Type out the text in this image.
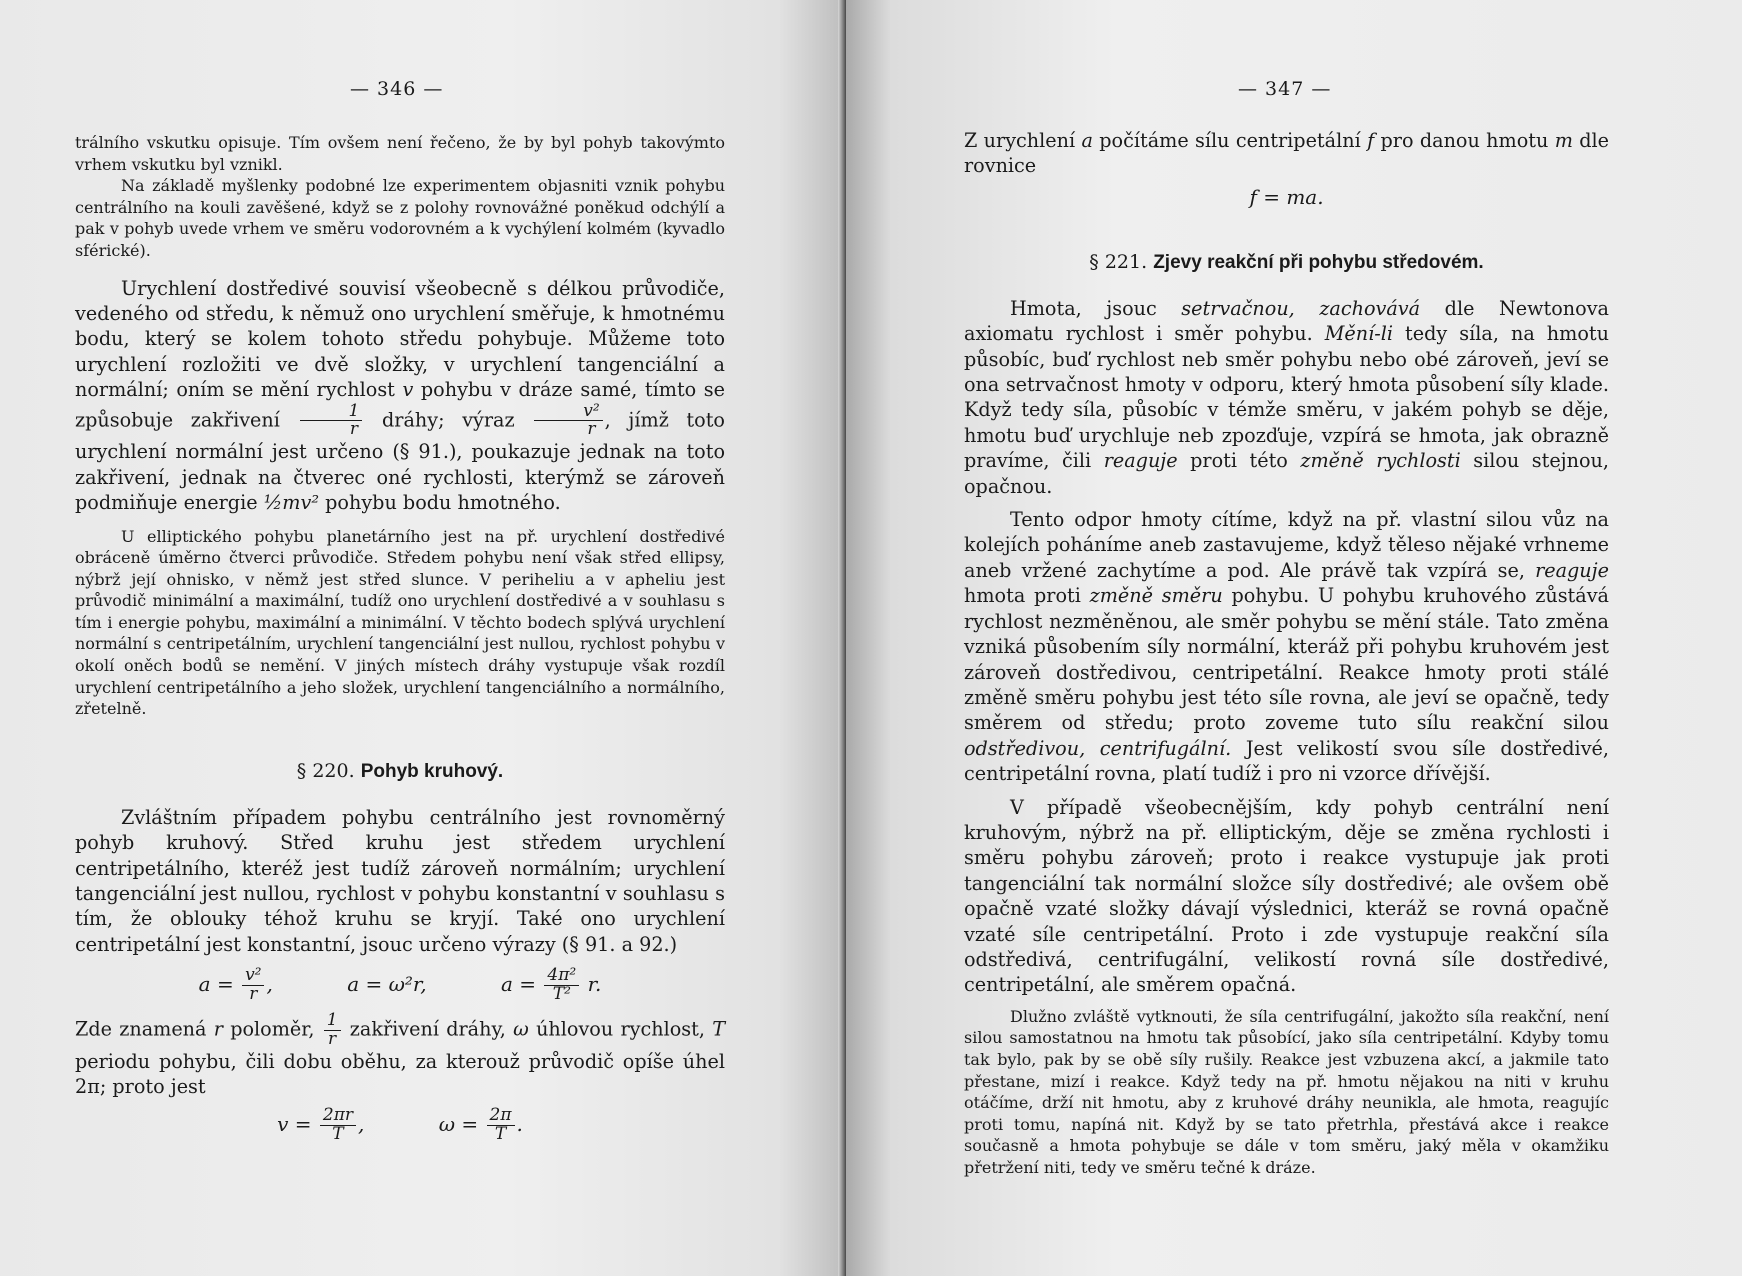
— 346 —

trálního vskutku opisuje. Tím ovšem není řečeno, že by byl pohyb takovýmto vrhem vskutku byl vznikl.

Na základě myšlenky podobné lze experimentem objasniti vznik pohybu centrálního na kouli zavěšené, když se z polohy rovnovážné poněkud odchýlí a pak v pohyb uvede vrhem ve směru vodorovném a k vychýlení kolmém (kyvadlo sférické).

Urychlení dostředivé souvisí všeobecně s délkou průvodiče, vedeného od středu, k němuž ono urychlení směřuje, k hmotnému bodu, který se kolem tohoto středu pohybuje. Můžeme toto urychlení rozložiti ve dvě složky, v urychlení tangenciální a normální; oním se mění rychlost v pohybu v dráze samé, tímto se způsobuje zakřivení $\frac{1}{r}$ dráhy; výraz $\frac{\text{v²}}{r}$ , jímž toto urychlení normální jest určeno (§ 91.), poukazuje jednak na toto zakřivení, jednak na čtverec oné rychlosti, kterýmž se zároveň podmiňuje energie ½mv² pohybu bodu hmotného.

U elliptického pohybu planetárního jest na př. urychlení dostředivé obráceně úměrno čtverci průvodiče. Středem pohybu není však střed ellipsy, nýbrž její ohnisko, v němž jest střed slunce. V periheliu a v apheliu jest průvodič minimální a maximální, tudíž ono urychlení dostředivé a v souhlasu s tím i energie pohybu, maximální a minimální. V těchto bodech splývá urychlení normální s centripetálním, urychlení tangenciální jest nullou, rychlost pohybu v okolí oněch bodů se nemění. V jiných místech dráhy vystupuje však rozdíl urychlení centripetálního a jeho složek, urychlení tangenciálního a normálního, zřetelně.

§ 220. Pohyb kruhový.

Zvláštním případem pohybu centrálního jest rovnoměrný pohyb kruhový. Střed kruhu jest středem urychlení centripetálního, kteréž jest tudíž zároveň normálním; urychlení tangenciální jest nullou, rychlost v pohybu konstantní v souhlasu s tím, že oblouky téhož kruhu se kryjí. Také ono urychlení centripetální jest konstantní, jsouc určeno výrazy (§ 91. a 92.)

$a = \frac{\text{v²}}{r}$ ,	a = ω²r,	$a = \frac{\text{4π²}}{\text{T²}} r$.

Zde znamená r poloměr, $\frac{1}{r}$ zakřivení dráhy, ω úhlovou rychlost, T periodu pohybu, čili dobu oběhu, za kterouž průvodič opíše úhel 2π; proto jest

$v = \frac{2\pi r}{T}$ ,	$\omega = \frac{2\pi}{T}$ .
— 347 —

Z urychlení a počítáme sílu centripetální f pro danou hmotu m dle rovnice

f = ma.

§ 221. Zjevy reakční při pohybu středovém.

Hmota, jsouc setrvačnou, zachovává dle Newtonova axiomatu rychlost i směr pohybu. Mění-li tedy síla, na hmotu působíc, buď rychlost neb směr pohybu nebo obé zároveň, jeví se ona setrvačnost hmoty v odporu, který hmota působení síly klade. Když tedy síla, působíc v témže směru, v jakém pohyb se děje, hmotu buď urychluje neb zpozďuje, vzpírá se hmota, jak obrazně pravíme, čili reaguje proti této změně rychlosti silou stejnou, opačnou.

Tento odpor hmoty cítíme, když na př. vlastní silou vůz na kolejích poháníme aneb zastavujeme, když těleso nějaké vrhneme aneb vržené zachytíme a pod. Ale právě tak vzpírá se, reaguje hmota proti změně směru pohybu. U pohybu kruhového zůstává rychlost nezměněnou, ale směr pohybu se mění stále. Tato změna vzniká působením síly normální, kteráž při pohybu kruhovém jest zároveň dostředivou, centripetální. Reakce hmoty proti stálé změně směru pohybu jest této síle rovna, ale jeví se opačně, tedy směrem od středu; proto zoveme tuto sílu reakční silou odstředivou, centrifugální. Jest velikostí svou síle dostředivé, centripetální rovna, platí tudíž i pro ni vzorce dřívější.

V případě všeobecnějším, kdy pohyb centrální není kruhovým, nýbrž na př. elliptickým, děje se změna rychlosti i směru pohybu zároveň; proto i reakce vystupuje jak proti tangenciální tak normální složce síly dostředivé; ale ovšem obě opačně vzaté složky dávají výslednici, kteráž se rovná opačně vzaté síle centripetální. Proto i zde vystupuje reakční síla odstředivá, centrifugální, velikostí rovná síle dostředivé, centripetální, ale směrem opačná.

Dlužno zvláště vytknouti, že síla centrifugální, jakožto síla reakční, není silou samostatnou na hmotu tak působící, jako síla centripetální. Kdyby tomu tak bylo, pak by se obě síly rušily. Reakce jest vzbuzena akcí, a jakmile tato přestane, mizí i reakce. Když tedy na př. hmotu nějakou na niti v kruhu otáčíme, drží nit hmotu, aby z kruhové dráhy neunikla, ale hmota, reagujíc proti tomu, napíná nit. Když by se tato přetrhla, přestává akce i reakce současně a hmota pohybuje se dále v tom směru, jaký měla v okamžiku přetržení niti, tedy ve směru tečné k dráze.
